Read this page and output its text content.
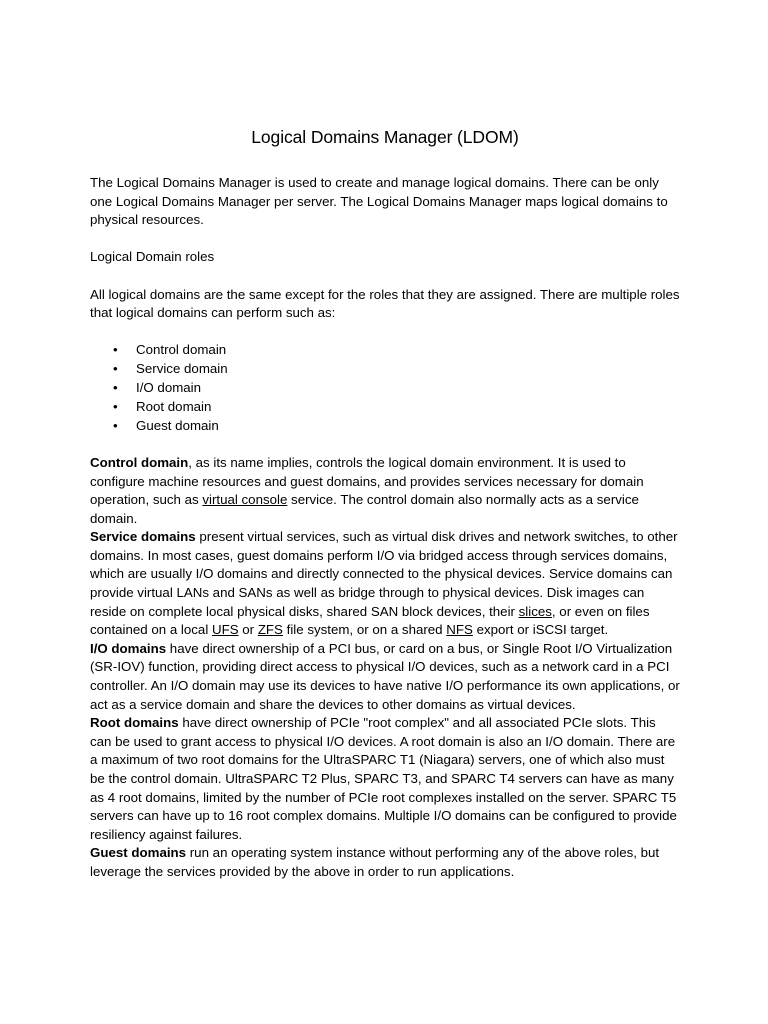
Logical Domains Manager (LDOM)

The Logical Domains Manager is used to create and manage logical domains. There can be only one Logical Domains Manager per server. The Logical Domains Manager maps logical domains to physical resources.

Logical Domain roles

All logical domains are the same except for the roles that they are assigned. There are multiple roles that logical domains can perform such as:

• Control domain
• Service domain
• I/O domain
• Root domain
• Guest domain

Control domain, as its name implies, controls the logical domain environment. It is used to configure machine resources and guest domains, and provides services necessary for domain operation, such as virtual console service. The control domain also normally acts as a service domain.

Service domains present virtual services, such as virtual disk drives and network switches, to other domains. In most cases, guest domains perform I/O via bridged access through services domains, which are usually I/O domains and directly connected to the physical devices. Service domains can provide virtual LANs and SANs as well as bridge through to physical devices. Disk images can reside on complete local physical disks, shared SAN block devices, their slices, or even on files contained on a local UFS or ZFS file system, or on a shared NFS export or iSCSI target.

I/O domains have direct ownership of a PCI bus, or card on a bus, or Single Root I/O Virtualization (SR-IOV) function, providing direct access to physical I/O devices, such as a network card in a PCI controller. An I/O domain may use its devices to have native I/O performance its own applications, or act as a service domain and share the devices to other domains as virtual devices.

Root domains have direct ownership of PCIe "root complex" and all associated PCIe slots. This can be used to grant access to physical I/O devices. A root domain is also an I/O domain. There are a maximum of two root domains for the UltraSPARC T1 (Niagara) servers, one of which also must be the control domain. UltraSPARC T2 Plus, SPARC T3, and SPARC T4 servers can have as many as 4 root domains, limited by the number of PCIe root complexes installed on the server. SPARC T5 servers can have up to 16 root complex domains. Multiple I/O domains can be configured to provide resiliency against failures.

Guest domains run an operating system instance without performing any of the above roles, but leverage the services provided by the above in order to run applications.
